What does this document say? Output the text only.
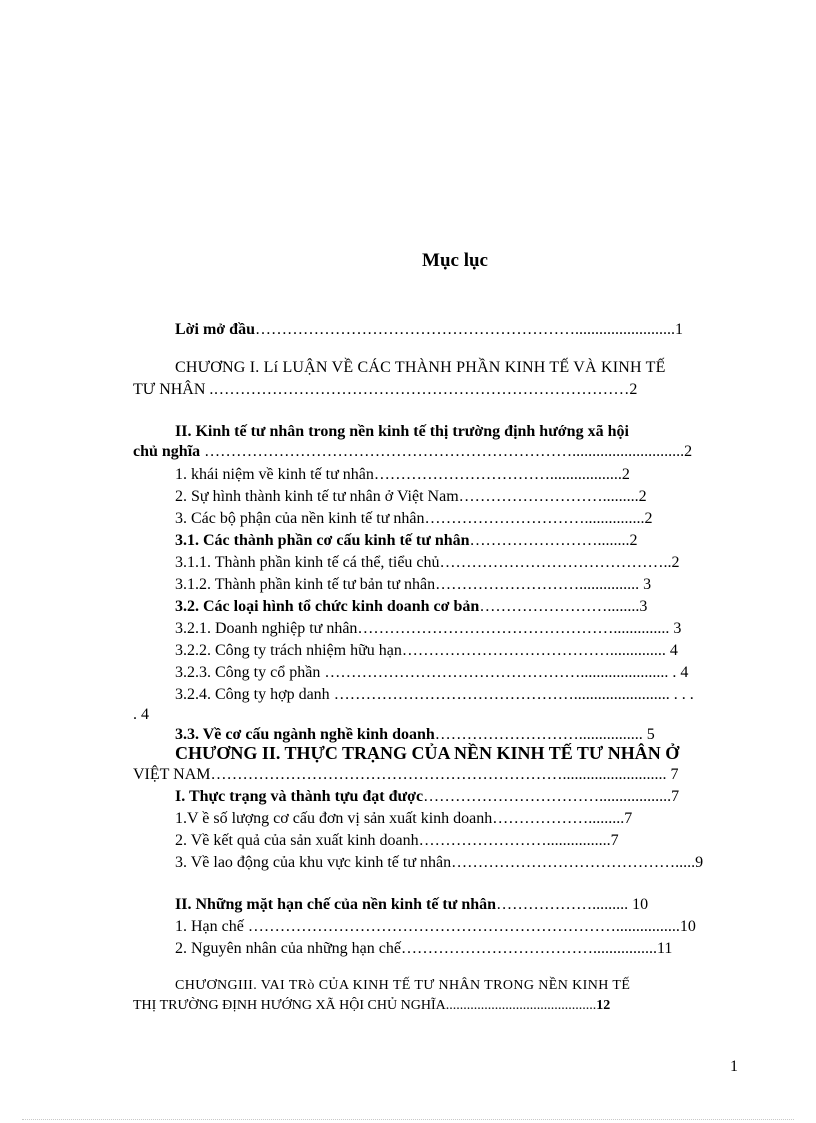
Mục lục
Lời mở đầu…………………………………………………….........................1
CHƯƠNG I. Lí LUẬN VỀ CÁC THÀNH PHẦN KINH TẾ VÀ KINH TẾ
TƯ NHÂN .……………………………………………………………………2
II. Kinh tế tư nhân trong nền kinh tế thị trường định hướng xã hội
chủ nghĩa ……………………………………………………………............................2
1. khái niệm về kinh tế tư nhân……………………………..................2
2. Sự hình thành kinh tế tư nhân ở Việt Nam……………………….........2
3. Các bộ phận của nền kinh tế tư nhân…………………………...............2
3.1. Các thành phần cơ cấu kinh tế tư nhân……………………........2
3.1.1. Thành phần kinh tế cá thể, tiểu chủ……………………………………..2
3.1.2. Thành phần kinh tế tư bản tư nhân………………………............... 3
3.2. Các loại hình tổ chức kinh doanh cơ bản……………………........3
3.2.1. Doanh nghiệp tư nhân………………………………………….............. 3
3.2.2. Công ty trách nhiệm hữu hạn………………………………….............. 4
3.2.3. Công ty cổ phần …………………………………………...................... . 4
3.2.4. Công ty hợp danh ………………………………………........................ . . .
. 4
3.3. Về cơ cấu ngành nghề kinh doanh………………………................ 5
CHƯƠNG II. THỰC TRẠNG CỦA NỀN KINH TẾ TƯ NHÂN Ở
VIỆT NAM………………………………………………………….......................... 7
I. Thực trạng và thành tựu đạt được……………………………..................7
1.V ề số lượng cơ cấu đơn vị sản xuất kinh doanh……………….........7
2. Về kết quả của sản xuất kinh doanh……………………................7
3. Về lao động của khu vực kinh tế tư nhân…………………………………….....9
II. Những mặt hạn chế của nền kinh tế tư nhân………………......... 10
1. Hạn chế ……………………………………………………………................10
2. Nguyên nhân của những hạn chế………………………………................11
CHƯƠNGIII. VAI TRò CỦA KINH TẾ TƯ NHÂN TRONG NỀN KINH TẾ
THỊ TRƯỜNG ĐỊNH HƯỚNG XÃ HỘI CHỦ NGHĨA...........................................12
1
